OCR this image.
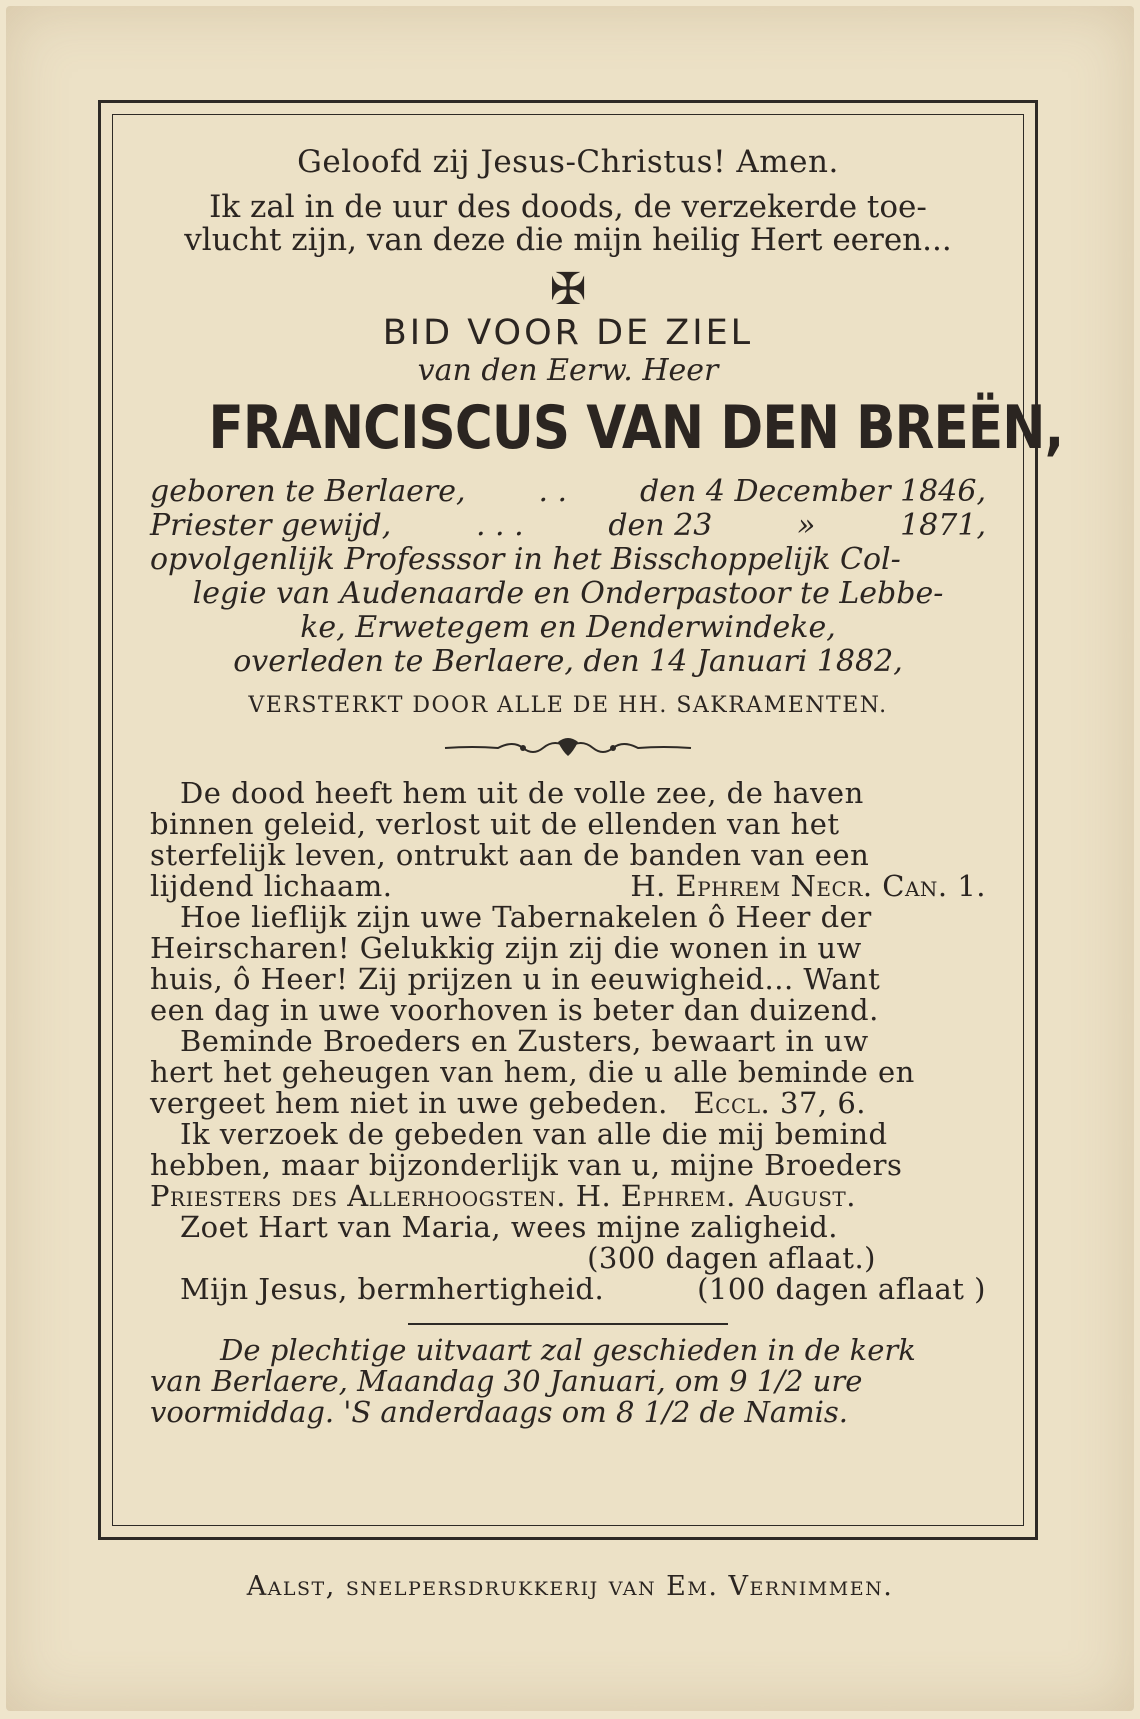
Geloofd zij Jesus-Christus! Amen.

Ik zal in de uur des doods, de verzekerde toe-

vlucht zijn, van deze die mijn heilig Hert eeren...

✠

BID VOOR DE ZIEL

van den Eerw. Heer

FRANCISCUS VAN DEN BREËN,

geboren te Berlaere, . . den 4 December 1846,
Priester gewijd,	. . .	den 23	»	1871,

opvolgenlijk Professsor in het Bisschoppelijk Col-

legie van Audenaarde en Onderpastoor te Lebbe-

ke, Erwetegem en Denderwindeke,

overleden te Berlaere, den 14 Januari 1882,

VERSTERKT DOOR ALLE DE HH. SAKRAMENTEN.

De dood heeft hem uit de volle zee, de haven

binnen geleid, verlost uit de ellenden van het

sterfelijk leven, ontrukt aan de banden van een

lijdend lichaam.	H. Ephrem Necr. Can. 1.

Hoe lieflijk zijn uwe Tabernakelen ô Heer der

Heirscharen! Gelukkig zijn zij die wonen in uw

huis, ô Heer! Zij prijzen u in eeuwigheid... Want

een dag in uwe voorhoven is beter dan duizend.

Beminde Broeders en Zusters, bewaart in uw

hert het geheugen van hem, die u alle beminde en

vergeet hem niet in uwe gebeden. Eccl. 37, 6.

Ik verzoek de gebeden van alle die mij bemind

hebben, maar bijzonderlijk van u, mijne Broeders

Priesters des Allerhoogsten. H. Ephrem. August.

Zoet Hart van Maria, wees mijne zaligheid.

(300 dagen aflaat.)

Mijn Jesus, bermhertigheid.	(100 dagen aflaat )

De plechtige uitvaart zal geschieden in de kerk

van Berlaere, Maandag 30 Januari, om 9 1/2 ure

voormiddag. 'S anderdaags om 8 1/2 de Namis.

Aalst, snelpersdrukkerij van Em. Vernimmen.
